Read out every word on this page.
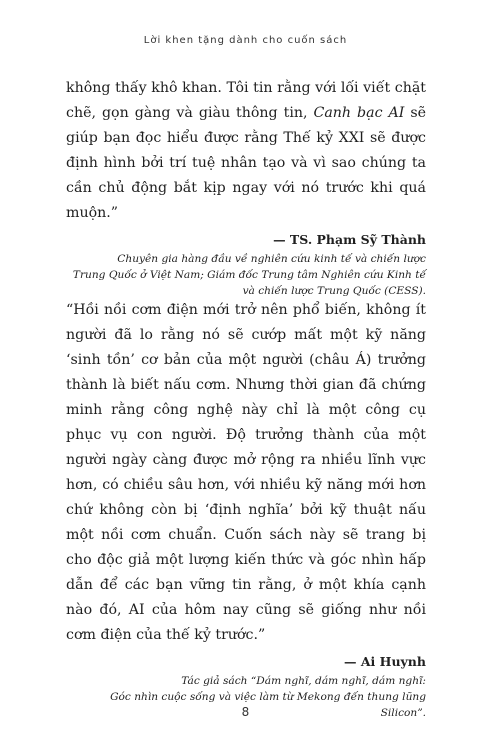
Lời khen tặng dành cho cuốn sách

không thấy khô khan. Tôi tin rằng với lối viết chặt chẽ, gọn gàng và giàu thông tin, Canh bạc AI sẽ giúp bạn đọc hiểu được rằng Thế kỷ XXI sẽ được định hình bởi trí tuệ nhân tạo và vì sao chúng ta cần chủ động bắt kịp ngay với nó trước khi quá muộn.”

— TS. Phạm Sỹ Thành

Chuyên gia hàng đầu về nghiên cứu kinh tế và chiến lược
Trung Quốc ở Việt Nam; Giám đốc Trung tâm Nghiên cứu Kinh tế
và chiến lược Trung Quốc (CESS).

“Hồi nồi cơm điện mới trở nên phổ biến, không ít người đã lo rằng nó sẽ cướp mất một kỹ năng ‘sinh tồn’ cơ bản của một người (châu Á) trưởng thành là biết nấu cơm. Nhưng thời gian đã chứng minh rằng công nghệ này chỉ là một công cụ phục vụ con người. Độ trưởng thành của một người ngày càng được mở rộng ra nhiều lĩnh vực hơn, có chiều sâu hơn, với nhiều kỹ năng mới hơn chứ không còn bị ‘định nghĩa’ bởi kỹ thuật nấu một nồi cơm chuẩn. Cuốn sách này sẽ trang bị cho độc giả một lượng kiến thức và góc nhìn hấp dẫn để các bạn vững tin rằng, ở một khía cạnh nào đó, AI của hôm nay cũng sẽ giống như nồi cơm điện của thế kỷ trước.”

— Ai Huynh

Tác giả sách “Dám nghĩ, dám nghĩ, dám nghĩ:
Góc nhìn cuộc sống và việc làm từ Mekong đến thung lũng Silicon”.

8
